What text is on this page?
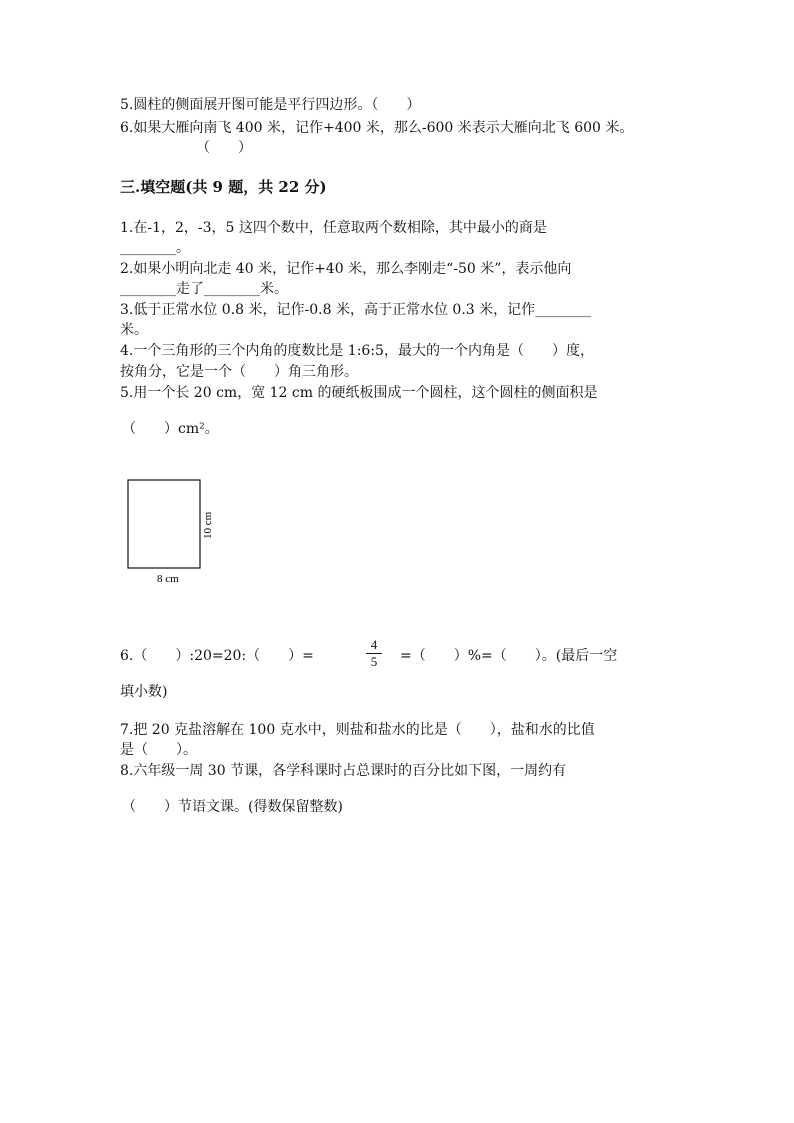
5.圆柱的侧面展开图可能是平行四边形。（　　）
6.如果大雁向南飞 400 米，记作+400 米，那么-600 米表示大雁向北飞 600 米。
（　　）
三.填空题(共 9 题，共 22 分)
1.在-1，2，-3，5 这四个数中，任意取两个数相除，其中最小的商是
________。
2.如果小明向北走 40 米，记作+40 米，那么李刚走“-50 米”，表示他向
________走了________米。
3.低于正常水位 0.8 米，记作-0.8 米，高于正常水位 0.3 米，记作________
米。
4.一个三角形的三个内角的度数比是 1:6:5，最大的一个内角是（　　）度，
按角分，它是一个（　　）角三角形。
5.用一个长 20 cm，宽 12 cm 的硬纸板围成一个圆柱，这个圆柱的侧面积是
（　　）cm²。
8 cm
10 cm
6.（　　）:20=20:（　　）=
4
5	=（　　）%=（　　）。(最后一空
填小数)
7.把 20 克盐溶解在 100 克水中，则盐和盐水的比是（　　），盐和水的比值
是（　　）。
8.六年级一周 30 节课，各学科课时占总课时的百分比如下图，一周约有
（　　）节语文课。(得数保留整数)
